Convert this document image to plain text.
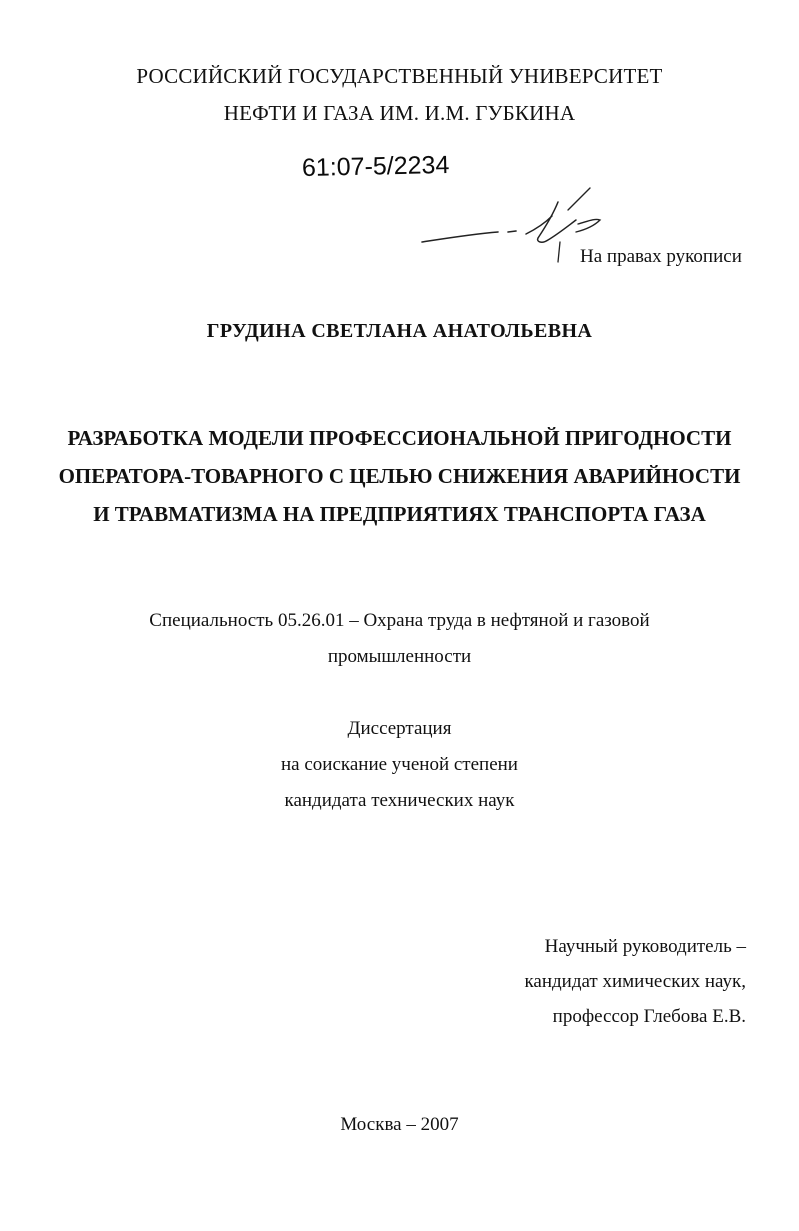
РОССИЙСКИЙ ГОСУДАРСТВЕННЫЙ УНИВЕРСИТЕТ
НЕФТИ И ГАЗА ИМ. И.М. ГУБКИНА
61:07-5/2234
На правах рукописи
ГРУДИНА СВЕТЛАНА АНАТОЛЬЕВНА
РАЗРАБОТКА МОДЕЛИ ПРОФЕССИОНАЛЬНОЙ ПРИГОДНОСТИ
ОПЕРАТОРА-ТОВАРНОГО С ЦЕЛЬЮ СНИЖЕНИЯ АВАРИЙНОСТИ
И ТРАВМАТИЗМА НА ПРЕДПРИЯТИЯХ ТРАНСПОРТА ГАЗА
Специальность 05.26.01 – Охрана труда в нефтяной и газовой
промышленности
Диссертация
на соискание ученой степени
кандидата технических наук
Научный руководитель –
кандидат химических наук,
профессор Глебова Е.В.
Москва – 2007
